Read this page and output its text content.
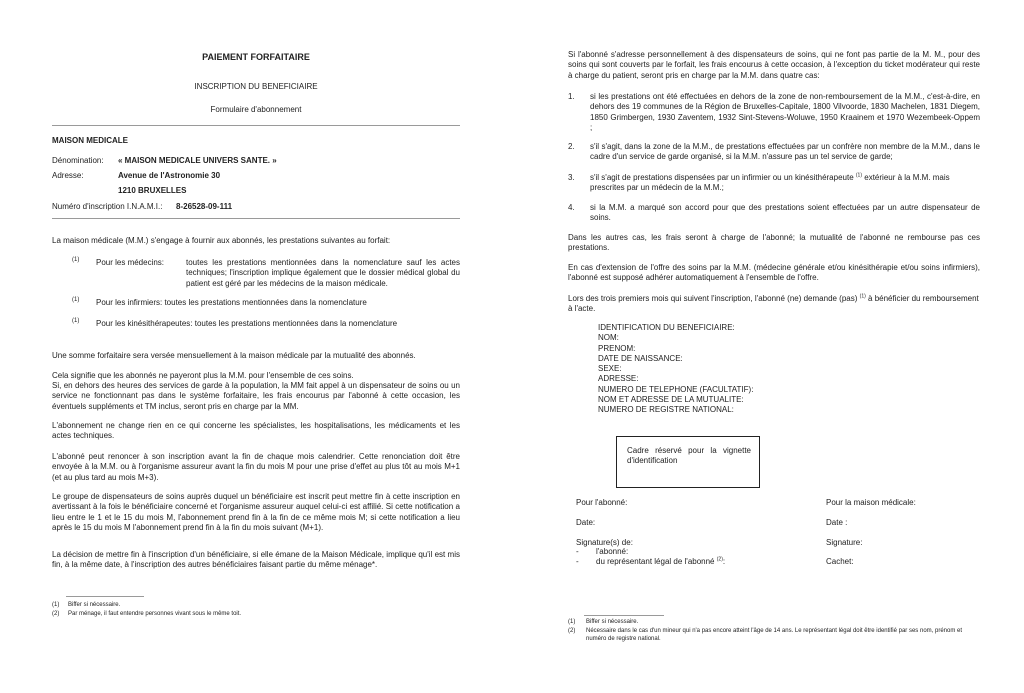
PAIEMENT FORFAITAIRE
INSCRIPTION DU BENEFICIAIRE
Formulaire d'abonnement
MAISON MEDICALE
Dénomination: « MAISON MEDICALE UNIVERS SANTE. »
Adresse:	Avenue de l'Astronomie 30
1210 BRUXELLES
Numéro d'inscription I.N.A.M.I.: 8-26528-09-111
La maison médicale (M.M.) s'engage à fournir aux abonnés, les prestations suivantes au forfait:
(1) Pour les médecins:	toutes les prestations mentionnées dans la nomenclature sauf les actes techniques; l'inscription implique également que le dossier médical global du patient est géré par les médecins de la maison médicale.
(1) Pour les infirmiers: toutes les prestations mentionnées dans la nomenclature
(1) Pour les kinésithérapeutes: toutes les prestations mentionnées dans la nomenclature
Une somme forfaitaire sera versée mensuellement à la maison médicale par la mutualité des abonnés.
Cela signifie que les abonnés ne payeront plus la M.M. pour l'ensemble de ces soins.
Si, en dehors des heures des services de garde à la population, la MM fait appel à un dispensateur de soins ou un service ne fonctionnant pas dans le système forfaitaire, les frais encourus par l'abonné à cette occasion, les éventuels suppléments et TM inclus, seront pris en charge par la MM.
L'abonnement ne change rien en ce qui concerne les spécialistes, les hospitalisations, les médicaments et les actes techniques.
L'abonné peut renoncer à son inscription avant la fin de chaque mois calendrier. Cette renonciation doit être envoyée à la M.M. ou à l'organisme assureur avant la fin du mois M pour une prise d'effet au plus tôt au mois M+1 (et au plus tard au mois M+3).
Le groupe de dispensateurs de soins auprès duquel un bénéficiaire est inscrit peut mettre fin à cette inscription en avertissant à la fois le bénéficiaire concerné et l'organisme assureur auquel celui-ci est affilié. Si cette notification a lieu entre le 1 et le 15 du mois M, l'abonnement prend fin à la fin de ce même mois M; si cette notification a lieu après le 15 du mois M l'abonnement prend fin à la fin du mois suivant (M+1).
La décision de mettre fin à l'inscription d'un bénéficiaire, si elle émane de la Maison Médicale, implique qu'il est mis fin, à la même date, à l'inscription des autres bénéficiaires faisant partie du même ménage*.
(1) Biffer si nécessaire.
(2) Par ménage, il faut entendre personnes vivant sous le même toit.
Si l'abonné s'adresse personnellement à des dispensateurs de soins, qui ne font pas partie de la M. M., pour des soins qui sont couverts par le forfait, les frais encourus à cette occasion, à l'exception du ticket modérateur qui reste à charge du patient, seront pris en charge par la M.M. dans quatre cas:
1. si les prestations ont été effectuées en dehors de la zone de non-remboursement de la M.M., c'est-à-dire, en dehors des 19 communes de la Région de Bruxelles-Capitale, 1800 Vilvoorde, 1830 Machelen, 1831 Diegem, 1850 Grimbergen, 1930 Zaventem, 1932 Sint-Stevens-Woluwe, 1950 Kraainem et 1970 Wezembeek-Oppem ;
2. s'il s'agit, dans la zone de la M.M., de prestations effectuées par un confrère non membre de la M.M., dans le cadre d'un service de garde organisé, si la M.M. n'assure pas un tel service de garde;
3. s'il s'agit de prestations dispensées par un infirmier ou un kinésithérapeute $^{(1)}$ extérieur à la M.M. mais prescrites par un médecin de la M.M.;
4. si la M.M. a marqué son accord pour que des prestations soient effectuées par un autre dispensateur de soins.
Dans les autres cas, les frais seront à charge de l'abonné; la mutualité de l'abonné ne rembourse pas ces prestations.
En cas d'extension de l'offre des soins par la M.M. (médecine générale et/ou kinésithérapie et/ou soins infirmiers), l'abonné est supposé adhérer automatiquement à l'ensemble de l'offre.
Lors des trois premiers mois qui suivent l'inscription, l'abonné (ne) demande (pas) $^{(1)}$ à bénéficier du remboursement à l'acte.
IDENTIFICATION DU BENEFICIAIRE:
NOM:
PRENOM:
DATE DE NAISSANCE:
SEXE:
ADRESSE:
NUMERO DE TELEPHONE (FACULTATIF):
NOM ET ADRESSE DE LA MUTUALITE:
NUMERO DE REGISTRE NATIONAL:
Cadre réservé pour la vignette d'identification
Pour l'abonné:
Date:
Signature(s) de:
- l'abonné:
- du représentant légal de l'abonné $^{(2)}$:
Pour la maison médicale:
Date :
Signature:
Cachet:
(1) Biffer si nécessaire.
(2) Nécessaire dans le cas d'un mineur qui n'a pas encore atteint l'âge de 14 ans. Le représentant légal doit être identifié par ses nom, prénom et numéro de registre national.
